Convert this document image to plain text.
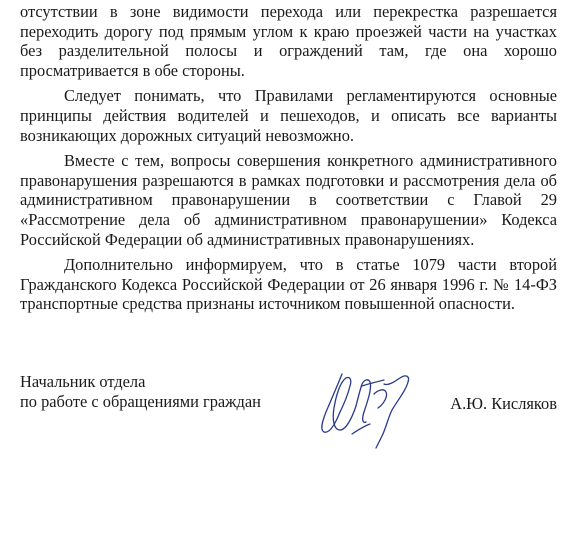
отсутствии в зоне видимости перехода или перекрестка разрешается переходить дорогу под прямым углом к краю проезжей части на участках без разделительной полосы и ограждений там, где она хорошо просматривается в обе стороны.

Следует понимать, что Правилами регламентируются основные принципы действия водителей и пешеходов, и описать все варианты возникающих дорожных ситуаций невозможно.

Вместе с тем, вопросы совершения конкретного административного правонарушения разрешаются в рамках подготовки и рассмотрения дела об административном правонарушении в соответствии с Главой 29 «Рассмотрение дела об административном правонарушении» Кодекса Российской Федерации об административных правонарушениях.

Дополнительно информируем, что в статье 1079 части второй Гражданского Кодекса Российской Федерации от 26 января 1996 г. № 14-ФЗ транспортные средства признаны источником повышенной опасности.

Начальник отдела
по работе с обращениями граждан	А.Ю. Кисляков
